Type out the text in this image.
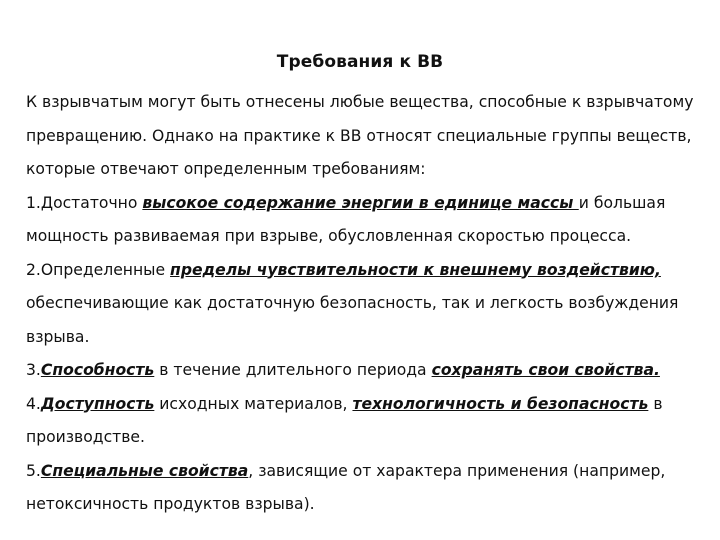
Требования к ВВ

К взрывчатым могут быть отнесены любые вещества, способные к взрывчатому превращению. Однако на практике к ВВ относят специальные группы веществ, которые отвечают определенным требованиям:

1.Достаточно высокое содержание энергии в единице массы и большая мощность развиваемая при взрыве, обусловленная скоростью процесса.

2.Определенные пределы чувствительности к внешнему воздействию, обеспечивающие как достаточную безопасность, так и легкость возбуждения взрыва.

3.Способность в течение длительного периода сохранять свои свойства.

4.Доступность исходных материалов, технологичность и безопасность в производстве.

5.Специальные свойства, зависящие от характера применения (например, нетоксичность продуктов взрыва).
